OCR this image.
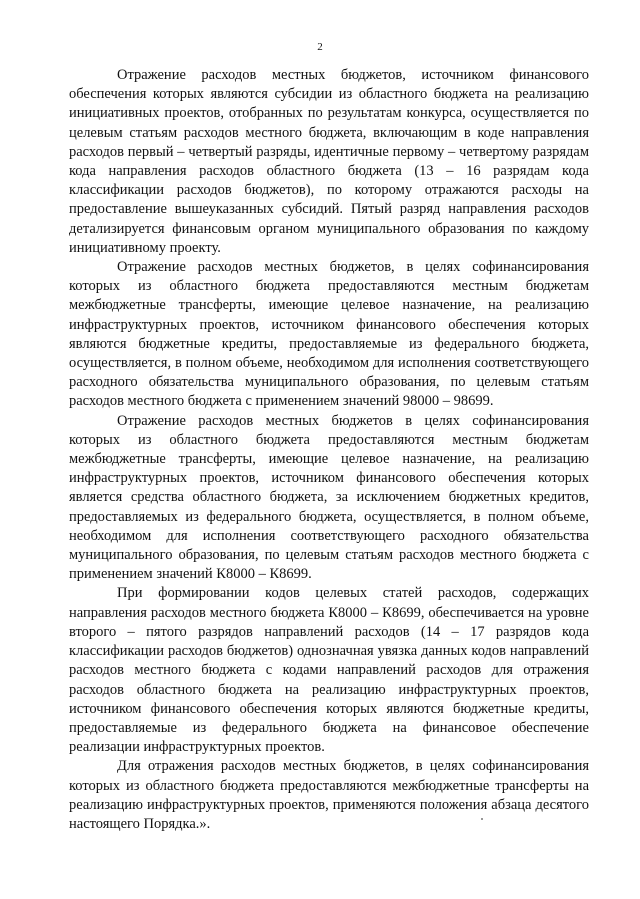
2

Отражение расходов местных бюджетов, источником финансового обеспечения которых являются субсидии из областного бюджета на реализацию инициативных проектов, отобранных по результатам конкурса, осуществляется по целевым статьям расходов местного бюджета, включающим в коде направления расходов первый – четвертый разряды, идентичные первому – четвертому разрядам кода направления расходов областного бюджета (13 – 16 разрядам кода классификации расходов бюджетов), по которому отражаются расходы на предоставление вышеуказанных субсидий. Пятый разряд направления расходов детализируется финансовым органом муниципального образования по каждому инициативному проекту.

Отражение расходов местных бюджетов, в целях софинансирования которых из областного бюджета предоставляются местным бюджетам межбюджетные трансферты, имеющие целевое назначение, на реализацию инфраструктурных проектов, источником финансового обеспечения которых являются бюджетные кредиты, предоставляемые из федерального бюджета, осуществляется, в полном объеме, необходимом для исполнения соответствующего расходного обязательства муниципального образования, по целевым статьям расходов местного бюджета с применением значений 98000 – 98699.

Отражение расходов местных бюджетов в целях софинансирования которых из областного бюджета предоставляются местным бюджетам межбюджетные трансферты, имеющие целевое назначение, на реализацию инфраструктурных проектов, источником финансового обеспечения которых является средства областного бюджета, за исключением бюджетных кредитов, предоставляемых из федерального бюджета, осуществляется, в полном объеме, необходимом для исполнения соответствующего расходного обязательства муниципального образования, по целевым статьям расходов местного бюджета с применением значений К8000 – К8699.

При формировании кодов целевых статей расходов, содержащих направления расходов местного бюджета К8000 – К8699, обеспечивается на уровне второго – пятого разрядов направлений расходов (14 – 17 разрядов кода классификации расходов бюджетов) однозначная увязка данных кодов направлений расходов местного бюджета с кодами направлений расходов для отражения расходов областного бюджета на реализацию инфраструктурных проектов, источником финансового обеспечения которых являются бюджетные кредиты, предоставляемые из федерального бюджета на финансовое обеспечение реализации инфраструктурных проектов.

Для отражения расходов местных бюджетов, в целях софинансирования которых из областного бюджета предоставляются межбюджетные трансферты на реализацию инфраструктурных проектов, применяются положения абзаца десятого настоящего Порядка.».
